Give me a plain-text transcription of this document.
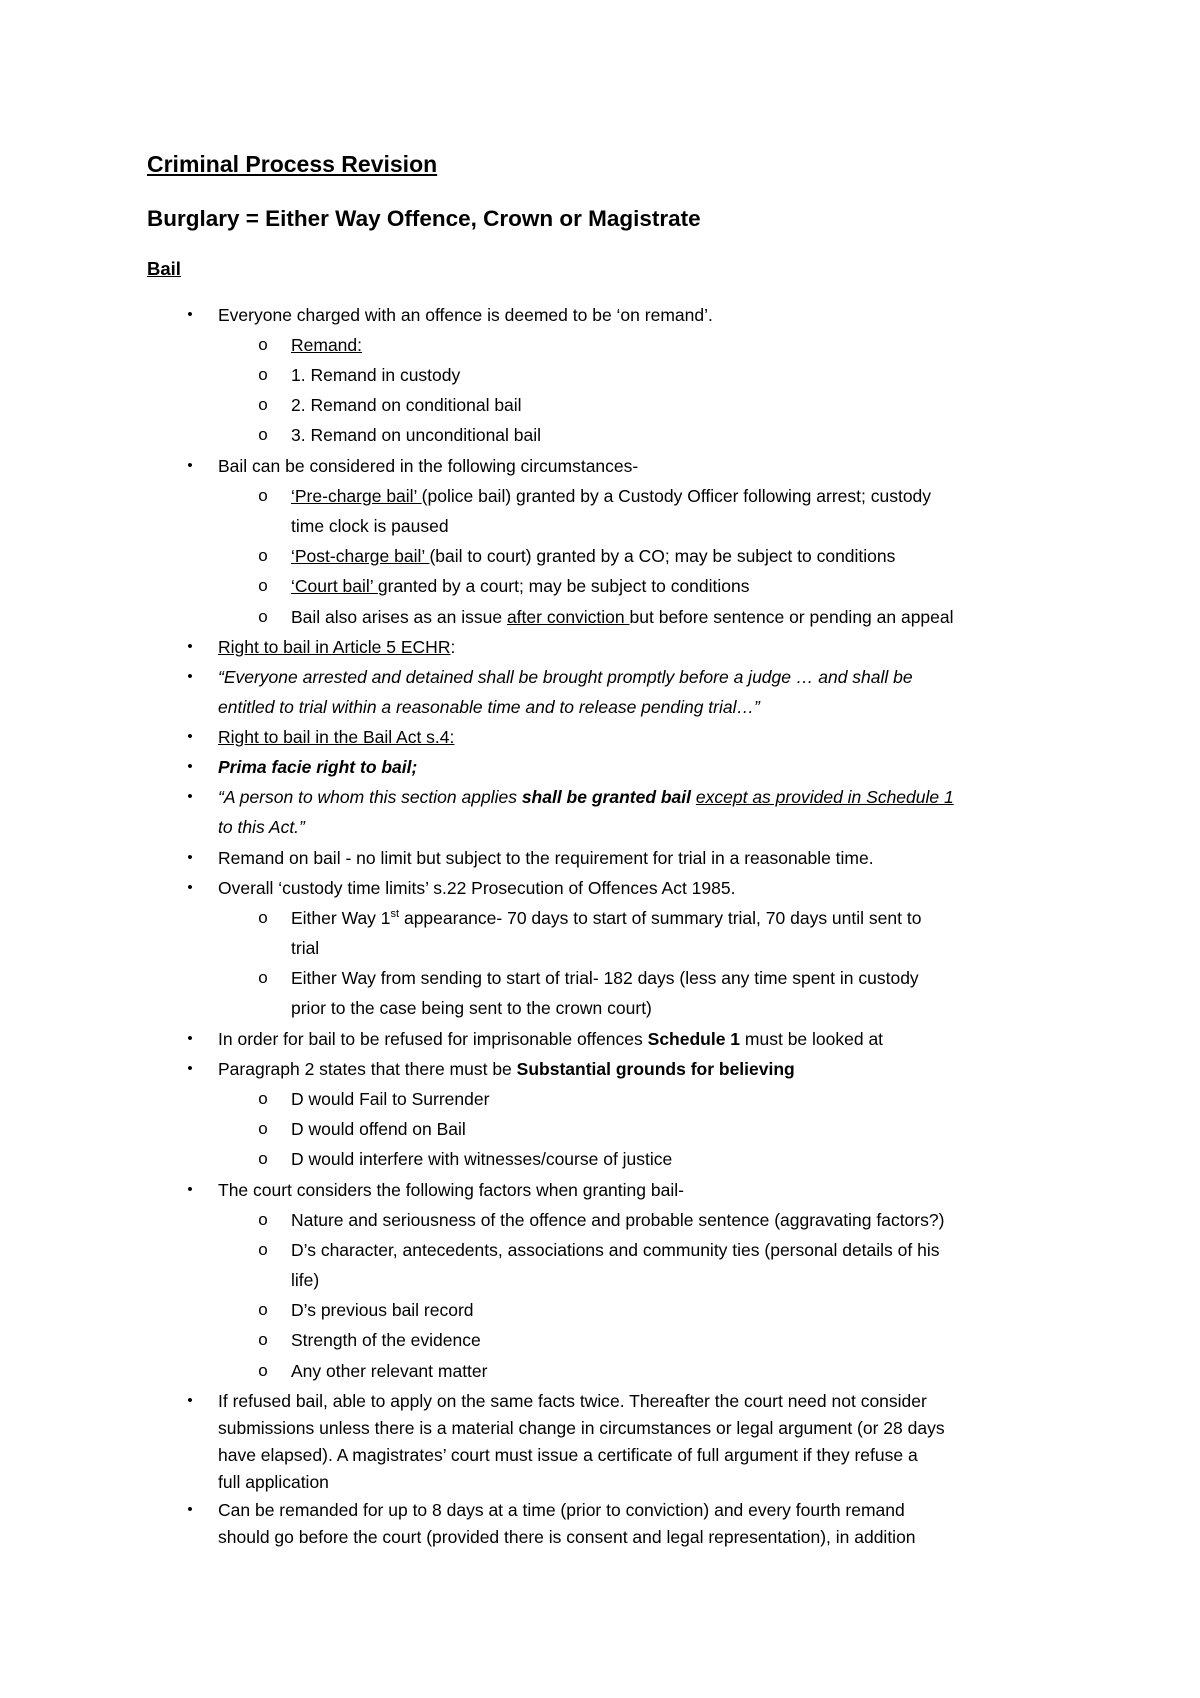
Criminal Process Revision
Burglary = Either Way Offence, Crown or Magistrate
Bail
•
o
o
o
o
•
o
o
o
o
•
•
•
•
•
•
•
o
o
•
•
o
o
o
•
o
o
o
o
o
•
•
Everyone charged with an offence is deemed to be ‘on remand’.
Remand:
1. Remand in custody
2. Remand on conditional bail
3. Remand on unconditional bail
Bail can be considered in the following circumstances-
‘Pre-charge bail’ (police bail) granted by a Custody Officer following arrest; custody
time clock is paused
‘Post-charge bail’ (bail to court) granted by a CO; may be subject to conditions
‘Court bail’ granted by a court; may be subject to conditions
Bail also arises as an issue after conviction but before sentence or pending an appeal
Right to bail in Article 5 ECHR:
“Everyone arrested and detained shall be brought promptly before a judge … and shall be
entitled to trial within a reasonable time and to release pending trial…”
Right to bail in the Bail Act s.4:
Prima facie right to bail;
“A person to whom this section applies shall be granted bail except as provided in Schedule 1
to this Act.”
Remand on bail - no limit but subject to the requirement for trial in a reasonable time.
Overall ‘custody time limits’ s.22 Prosecution of Offences Act 1985.
Either Way 1st appearance- 70 days to start of summary trial, 70 days until sent to
trial
Either Way from sending to start of trial- 182 days (less any time spent in custody
prior to the case being sent to the crown court)
In order for bail to be refused for imprisonable offences Schedule 1 must be looked at
Paragraph 2 states that there must be Substantial grounds for believing
D would Fail to Surrender
D would offend on Bail
D would interfere with witnesses/course of justice
The court considers the following factors when granting bail-
Nature and seriousness of the offence and probable sentence (aggravating factors?)
D’s character, antecedents, associations and community ties (personal details of his
life)
D’s previous bail record
Strength of the evidence
Any other relevant matter
If refused bail, able to apply on the same facts twice. Thereafter the court need not consider
submissions unless there is a material change in circumstances or legal argument (or 28 days
have elapsed). A magistrates’ court must issue a certificate of full argument if they refuse a
full application
Can be remanded for up to 8 days at a time (prior to conviction) and every fourth remand
should go before the court (provided there is consent and legal representation), in addition
